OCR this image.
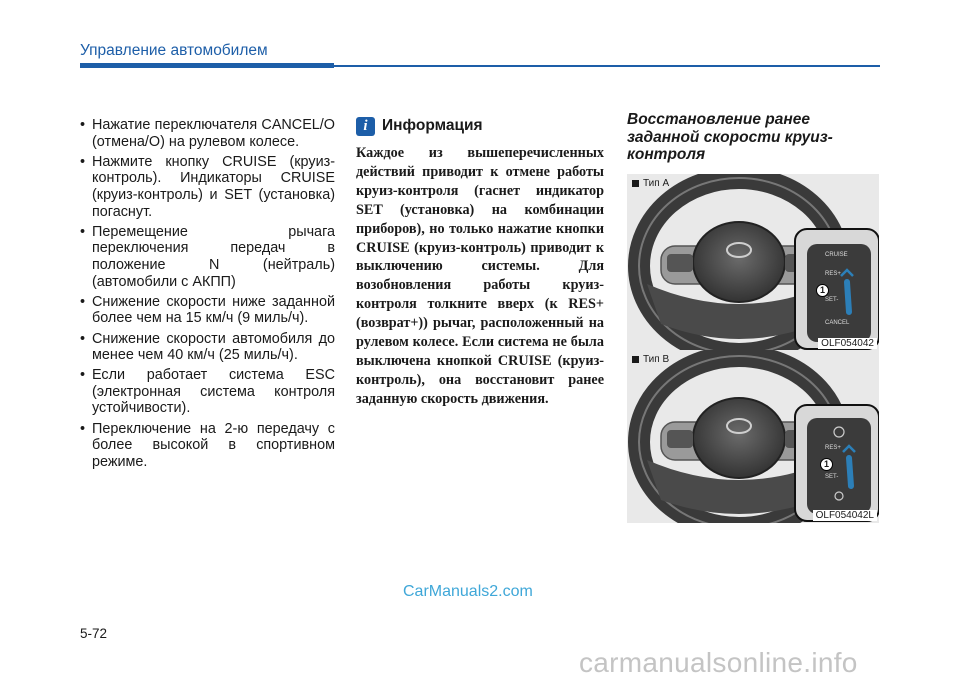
Управление автомобилем
• Нажатие переключателя CANCEL/O (отмена/O) на рулевом колесе.
• Нажмите кнопку CRUISE (круиз-контроль). Индикаторы CRUISE (круиз-контроль) и SET (установка) погаснут.
• Перемещение рычага переключения передач в положение N (нейтраль) (автомобили с АКПП)
• Снижение скорости ниже заданной более чем на 15 км/ч (9 миль/ч).
• Снижение скорости автомобиля до менее чем 40 км/ч (25 миль/ч).
• Если работает система ESC (электронная система контроля устойчивости).
• Переключение на 2-ю передачу с более высокой в спортивном режиме.
i Информация

Каждое из вышеперечисленных действий приводит к отмене работы круиз-контроля (гаснет индикатор SET (установка) на комбинации приборов), но только нажатие кнопки CRUISE (круиз-контроль) приводит к выключению системы. Для возобновления работы круиз-контроля толкните вверх (к RES+ (возврат+)) рычаг, расположенный на рулевом колесе. Если система не была выключена кнопкой CRUISE (круиз-контроль), она восстановит ранее заданную скорость движения.

Восстановление ранее заданной скорости круиз-контроля
CRUISE
RES+
SET-
CANCEL
1
Тип A
OLF054042
RES+
SET-
1
Тип B
OLF054042L
CarManuals2.com
5-72
carmanualsonline.info
